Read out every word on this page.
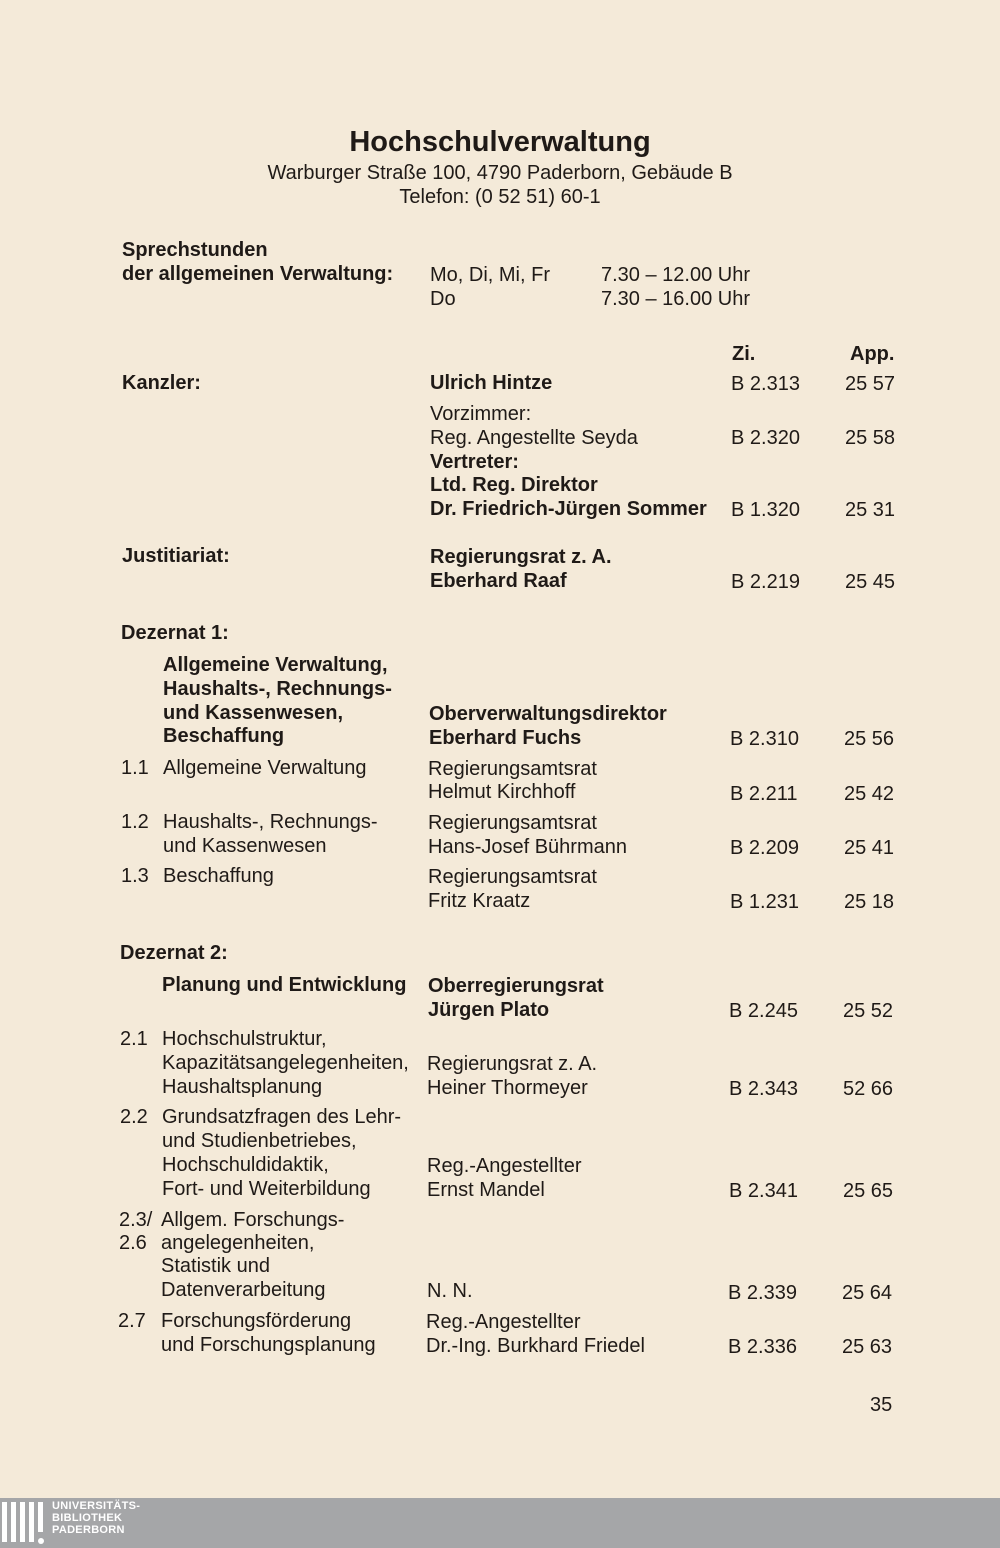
Hochschulverwaltung
Warburger Straße 100, 4790 Paderborn, Gebäude B
Telefon: (0 52 51) 60-1
Sprechstunden
der allgemeinen Verwaltung: Mo, Di, Mi, Fr	7.30 – 12.00 Uhr
Do	7.30 – 16.00 Uhr
Zi.	App.
Kanzler:	Ulrich Hintze	B 2.313 25 57
Vorzimmer:
Reg. Angestellte Seyda	B 2.320 25 58
Vertreter:
Ltd. Reg. Direktor
Dr. Friedrich-Jürgen Sommer B 1.320 25 31
Justitiariat:	Regierungsrat z. A.
Eberhard Raaf	B 2.219 25 45
Dezernat 1:
Allgemeine Verwaltung,
Haushalts-, Rechnungs-
und Kassenwesen,
Beschaffung
Oberverwaltungsdirektor
Eberhard Fuchs	B 2.310 25 56
1.1 Allgemeine Verwaltung	Regierungsamtsrat
Helmut Kirchhoff	B 2.211 25 42
1.2 Haushalts-, Rechnungs-
und Kassenwesen
Regierungsamtsrat
Hans-Josef Bührmann	B 2.209 25 41
1.3 Beschaffung	Regierungsamtsrat
Fritz Kraatz	B 1.231 25 18
Dezernat 2:
Planung und Entwicklung Oberregierungsrat
Jürgen Plato	B 2.245 25 52
2.1 Hochschulstruktur,
Kapazitätsangelegenheiten,
Haushaltsplanung
Regierungsrat z. A.
Heiner Thormeyer	B 2.343 52 66
2.2 Grundsatzfragen des Lehr-
und Studienbetriebes,
Hochschuldidaktik,
Fort- und Weiterbildung
Reg.-Angestellter
Ernst Mandel	B 2.341 25 65
2.3/
2.6
Allgem. Forschungs-
angelegenheiten,
Statistik und
Datenverarbeitung	N. N.	B 2.339 25 64
2.7 Forschungsförderung
und Forschungsplanung
Reg.-Angestellter
Dr.-Ing. Burkhard Friedel	B 2.336 25 63
35
UNIVERSITÄTS-
BIBLIOTHEK
PADERBORN
